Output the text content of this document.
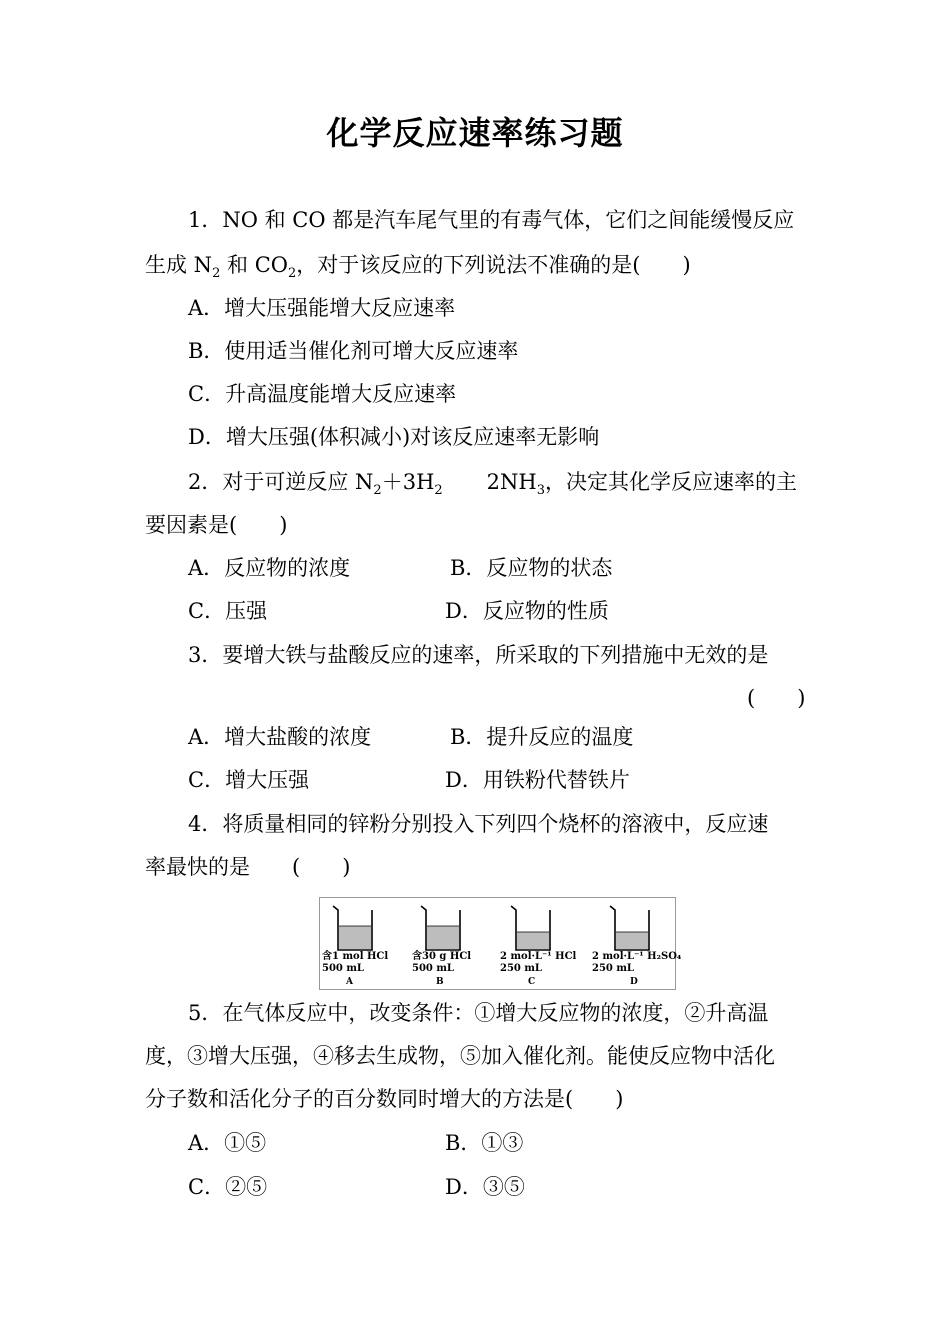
化学反应速率练习题
1．NO 和 CO 都是汽车尾气里的有毒气体，它们之间能缓慢反应
生成 $N_2$ 和 $CO_2$，对于该反应的下列说法不准确的是(　　)
A．增大压强能增大反应速率
B．使用适当催化剂可增大反应速率
C．升高温度能增大反应速率
D．增大压强(体积减小)对该反应速率无影响
2．对于可逆反应 $N_2+3H_2$ $2NH_3$，决定其化学反应速率的主
要因素是(　　)
A．反应物的浓度	B．反应物的状态
C．压强	D．反应物的性质
3．要增大铁与盐酸反应的速率，所采取的下列措施中无效的是
(　　)
A．增大盐酸的浓度	B．提升反应的温度
C．增大压强	D．用铁粉代替铁片
4．将质量相同的锌粉分别投入下列四个烧杯的溶液中，反应速
率最快的是　　(　　)
含1 mol HCl
500 mL
A
含30 g HCl
500 mL
B
2 mol·L⁻¹ HCl
250 mL
C
2 mol·L⁻¹ H₂SO₄
250 mL
D
5．在气体反应中，改变条件：①增大反应物的浓度，②升高温
度，③增大压强，④移去生成物，⑤加入催化剂。能使反应物中活化
分子数和活化分子的百分数同时增大的方法是(　　)
A．①⑤	B．①③
C．②⑤	D．③⑤
